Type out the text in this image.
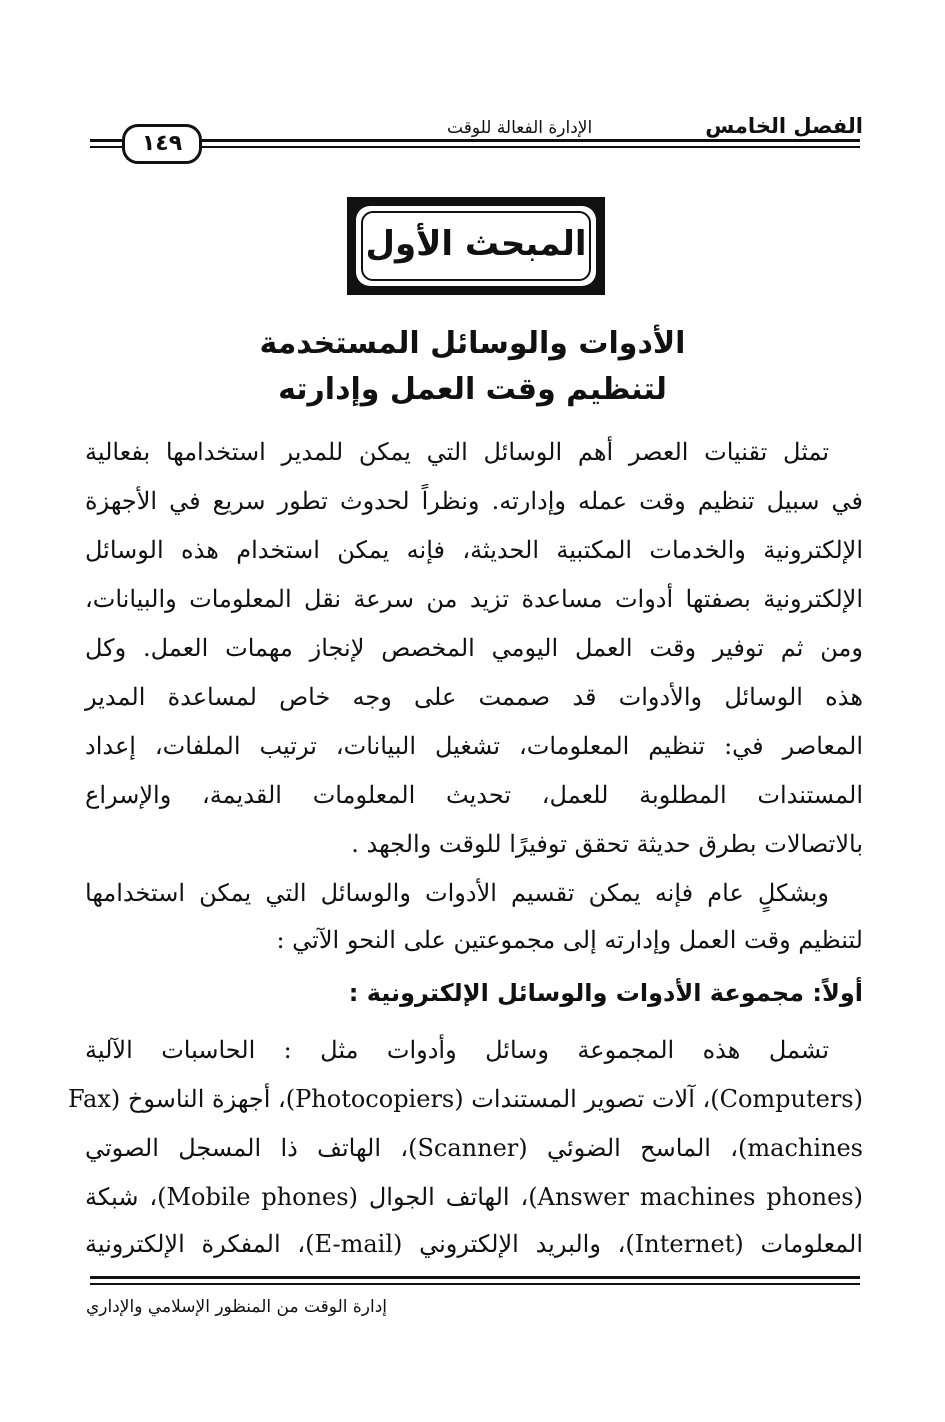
الفصل الخامس
الإدارة الفعالة للوقت
١٤٩
المبحث الأول
الأدوات والوسائل المستخدمة
لتنظيم وقت العمل وإدارته
تمثل تقنيات العصر أهم الوسائل التي يمكن للمدير استخدامها بفعالية
في سبيل تنظيم وقت عمله وإدارته. ونظراً لحدوث تطور سريع في الأجهزة
الإلكترونية والخدمات المكتبية الحديثة، فإنه يمكن استخدام هذه الوسائل
الإلكترونية بصفتها أدوات مساعدة تزيد من سرعة نقل المعلومات والبيانات،
ومن ثم توفير وقت العمل اليومي المخصص لإنجاز مهمات العمل. وكل
هذه الوسائل والأدوات قد صممت على وجه خاص لمساعدة المدير
المعاصر في: تنظيم المعلومات، تشغيل البيانات، ترتيب الملفات، إعداد
المستندات المطلوبة للعمل، تحديث المعلومات القديمة، والإسراع
بالاتصالات بطرق حديثة تحقق توفيرًا للوقت والجهد .
وبشكلٍ عام فإنه يمكن تقسيم الأدوات والوسائل التي يمكن استخدامها
لتنظيم وقت العمل وإدارته إلى مجموعتين على النحو الآتي :
أولاً: مجموعة الأدوات والوسائل الإلكترونية :
تشمل هذه المجموعة وسائل وأدوات مثل : الحاسبات الآلية
(Computers)، آلات تصوير المستندات (Photocopiers)، أجهزة الناسوخ (Fax
machines)، الماسح الضوئي (Scanner)، الهاتف ذا المسجل الصوتي
(Answer machines phones)، الهاتف الجوال (Mobile phones)، شبكة
المعلومات (Internet)، والبريد الإلكتروني (E-mail)، المفكرة الإلكترونية
إدارة الوقت من المنظور الإسلامي والإداري
